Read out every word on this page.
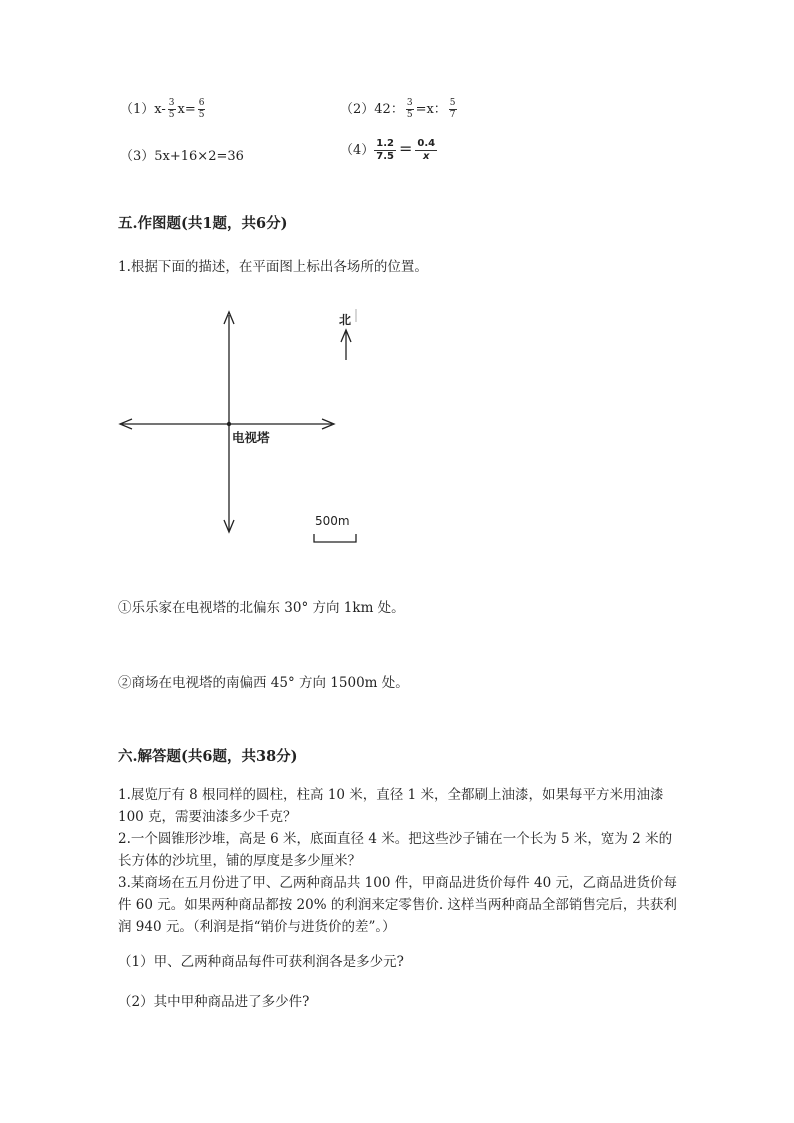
$(1)x- \frac{3}{5} x= \frac{6}{5}$	（2）42： $\frac{3}{5} =x$： $\frac{5}{7}$
（3）5x+16×2=36	$(4) \frac{1.2}{7.5} = \frac{0.4}{x}$
五.作图题(共1题，共6分)
1.根据下面的描述，在平面图上标出各场所的位置。
北
电视塔
500m
①乐乐家在电视塔的北偏东 30° 方向 1km 处。
②商场在电视塔的南偏西 45° 方向 1500m 处。
六.解答题(共6题，共38分)
1.展览厅有 8 根同样的圆柱，柱高 10 米，直径 1 米，全都刷上油漆，如果每平方米用油漆 100 克，需要油漆多少千克？
2.一个圆锥形沙堆，高是 6 米，底面直径 4 米。把这些沙子铺在一个长为 5 米，宽为 2 米的长方体的沙坑里，铺的厚度是多少厘米？
3.某商场在五月份进了甲、乙两种商品共 100 件，甲商品进货价每件 40 元，乙商品进货价每件 60 元。如果两种商品都按 20% 的利润来定零售价. 这样当两种商品全部销售完后，共获利润 940 元。（利润是指“销价与进货价的差”。）
（1）甲、乙两种商品每件可获利润各是多少元?
（2）其中甲种商品进了多少件?
